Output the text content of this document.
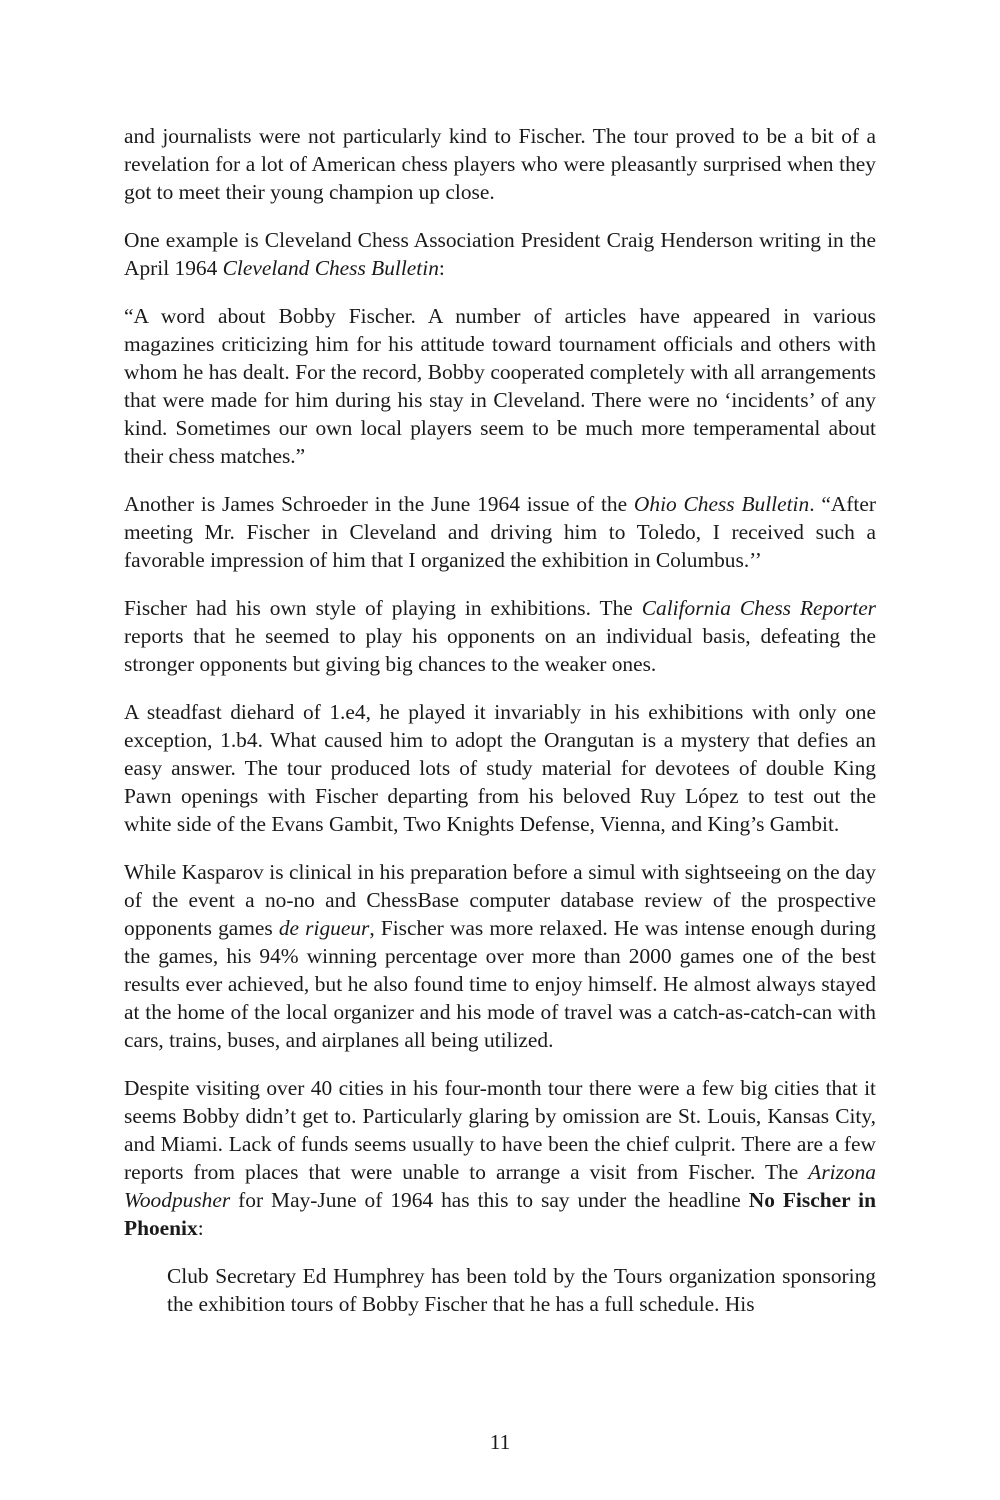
and journalists were not particularly kind to Fischer. The tour proved to be a bit of a revelation for a lot of American chess players who were pleasantly surprised when they got to meet their young champion up close.

One example is Cleveland Chess Association President Craig Henderson writing in the April 1964 Cleveland Chess Bulletin:

“A word about Bobby Fischer. A number of articles have appeared in various magazines criticizing him for his attitude toward tournament officials and others with whom he has dealt. For the record, Bobby cooperated completely with all arrangements that were made for him during his stay in Cleveland. There were no ‘incidents’ of any kind. Sometimes our own local players seem to be much more temperamental about their chess matches.”

Another is James Schroeder in the June 1964 issue of the Ohio Chess Bulletin. “After meeting Mr. Fischer in Cleveland and driving him to Toledo, I received such a favorable impression of him that I organized the exhibition in Columbus.’’

Fischer had his own style of playing in exhibitions. The California Chess Reporter reports that he seemed to play his opponents on an individual basis, defeating the stronger opponents but giving big chances to the weaker ones.

A steadfast diehard of 1.e4, he played it invariably in his exhibitions with only one exception, 1.b4. What caused him to adopt the Orangutan is a mystery that defies an easy answer. The tour produced lots of study material for devotees of double King Pawn openings with Fischer departing from his beloved Ruy López to test out the white side of the Evans Gambit, Two Knights Defense, Vienna, and King’s Gambit.

While Kasparov is clinical in his preparation before a simul with sightseeing on the day of the event a no-no and ChessBase computer database review of the prospective opponents games de rigueur, Fischer was more relaxed. He was intense enough during the games, his 94% winning percentage over more than 2000 games one of the best results ever achieved, but he also found time to enjoy himself. He almost always stayed at the home of the local organizer and his mode of travel was a catch-as-catch-can with cars, trains, buses, and airplanes all being utilized.

Despite visiting over 40 cities in his four-month tour there were a few big cities that it seems Bobby didn’t get to. Particularly glaring by omission are St. Louis, Kansas City, and Miami. Lack of funds seems usually to have been the chief culprit. There are a few reports from places that were unable to arrange a visit from Fischer. The Arizona Woodpusher for May-June of 1964 has this to say under the headline No Fischer in Phoenix:

Club Secretary Ed Humphrey has been told by the Tours organization sponsoring the exhibition tours of Bobby Fischer that he has a full schedule. His

11
